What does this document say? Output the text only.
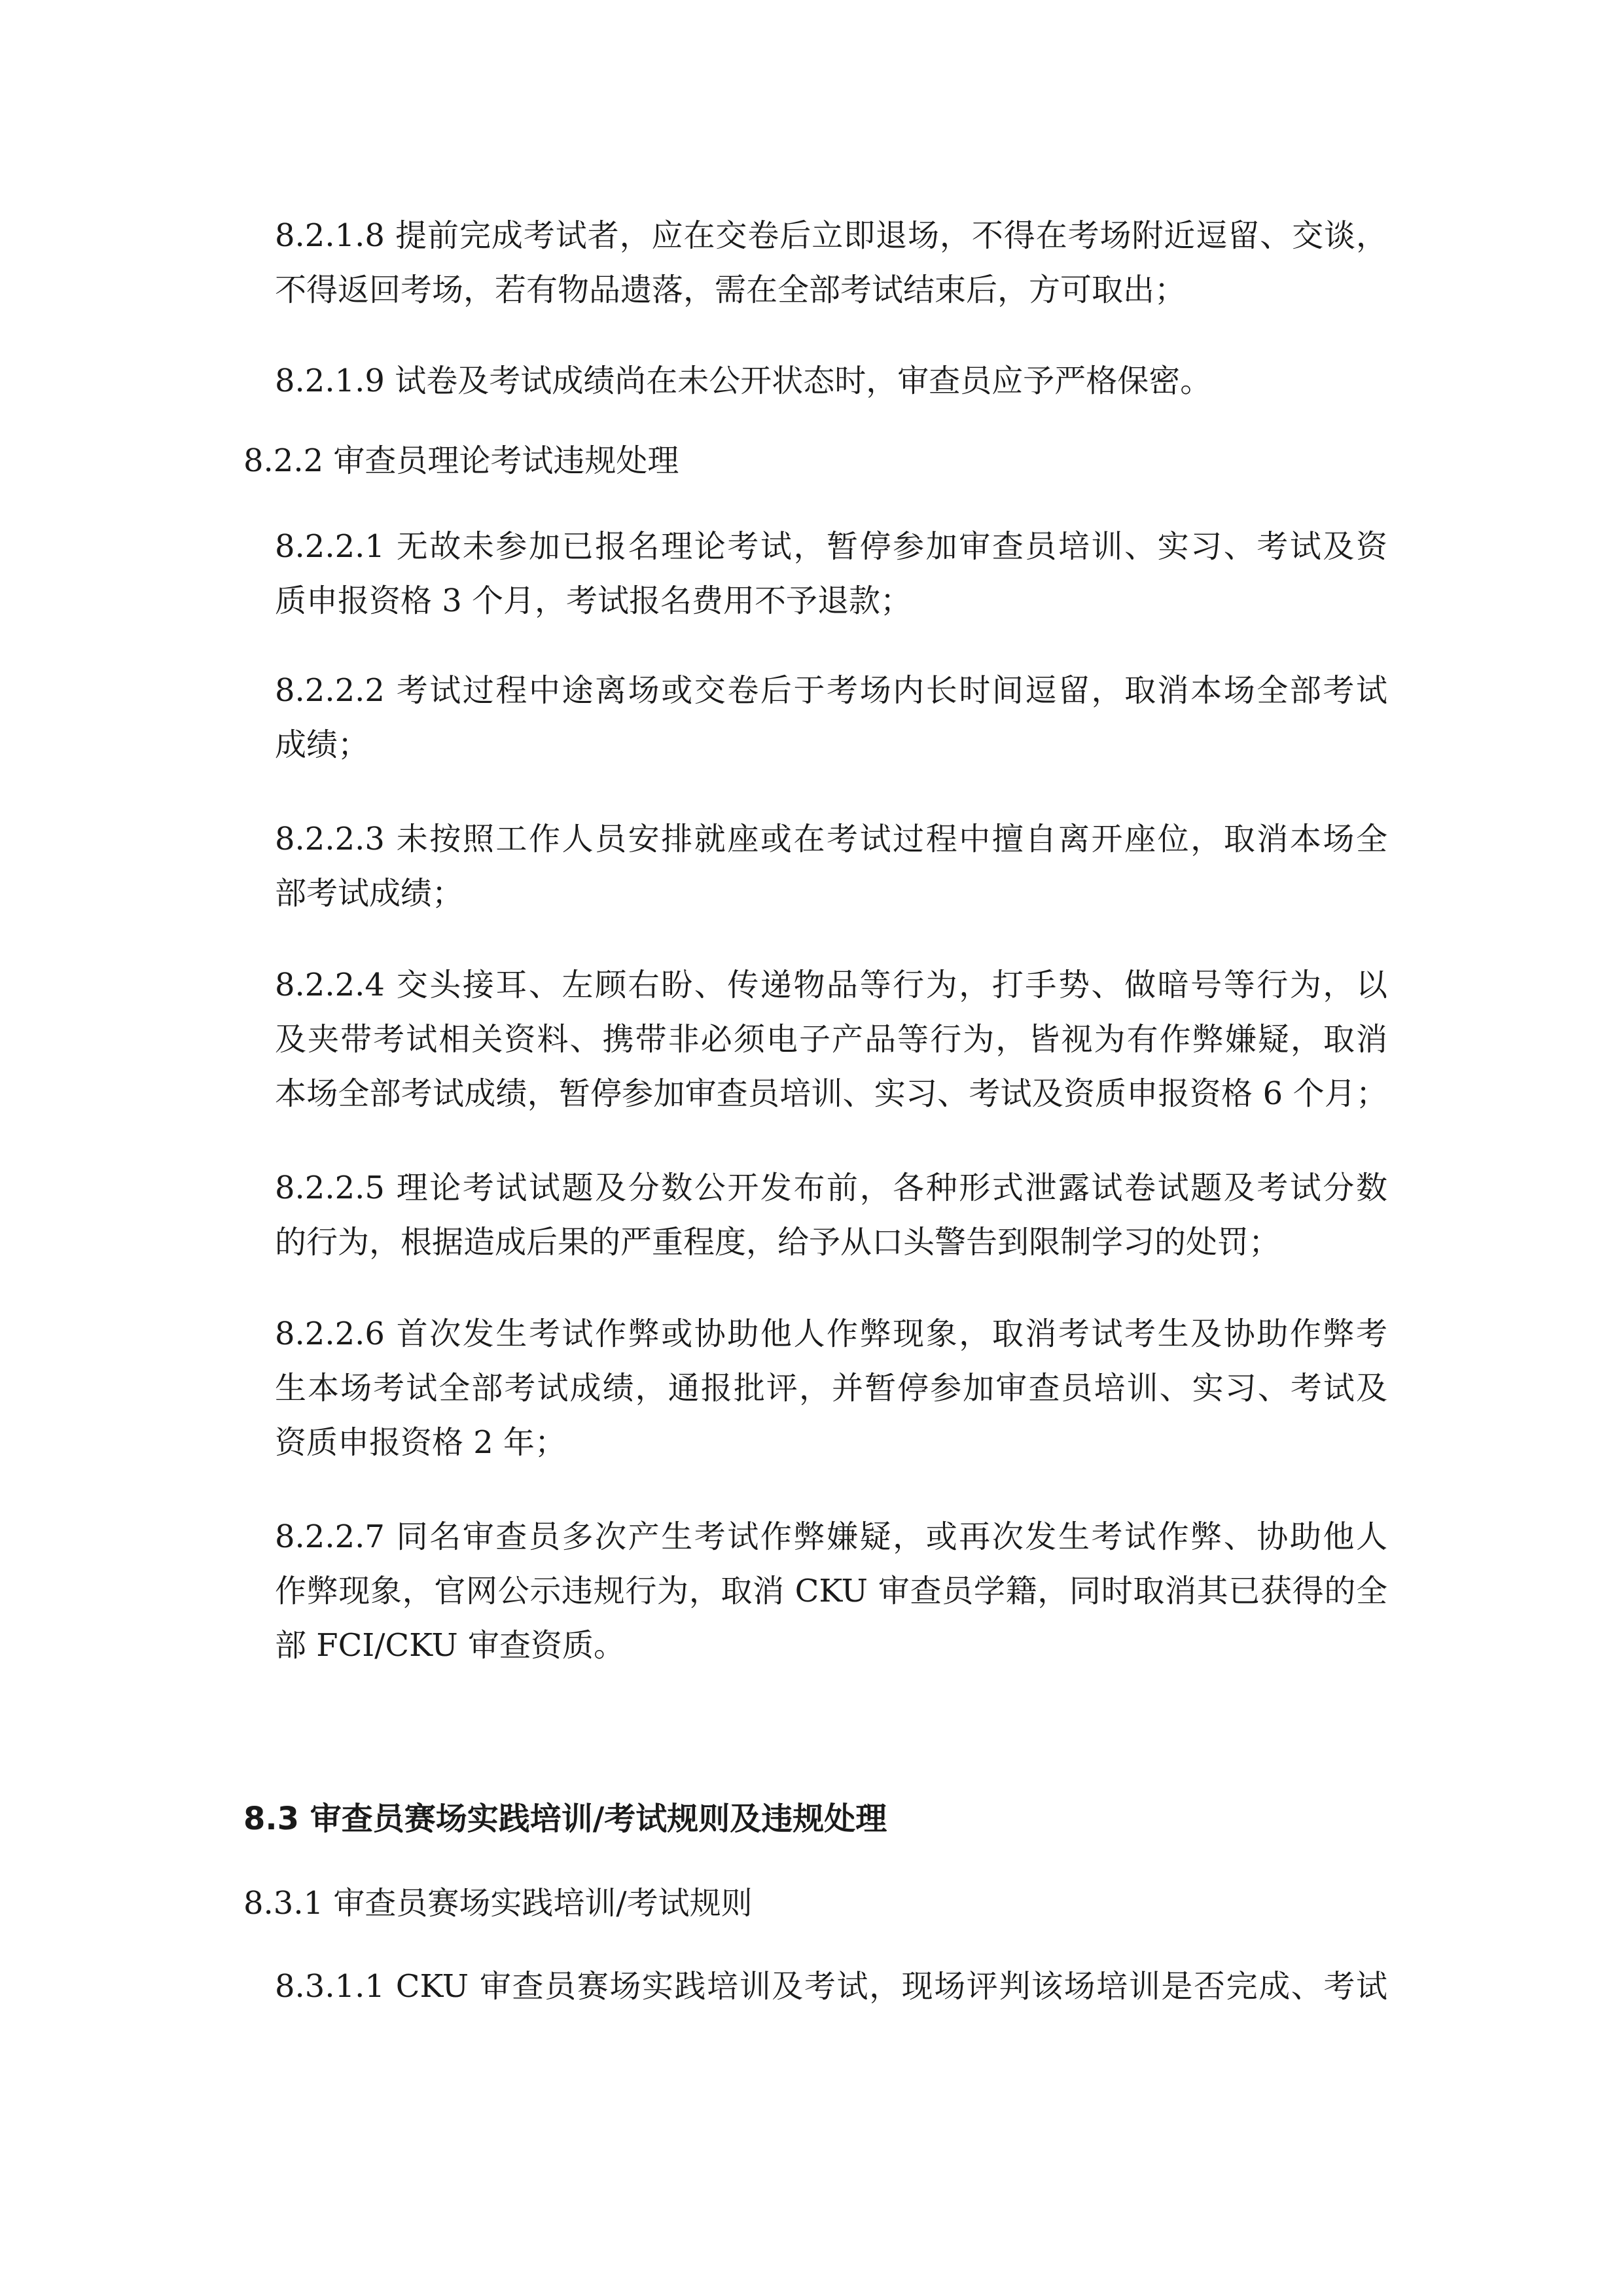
8.2.1.8 提前完成考试者，应在交卷后立即退场，不得在考场附近逗留、交谈，
不得返回考场，若有物品遗落，需在全部考试结束后，方可取出；
8.2.1.9 试卷及考试成绩尚在未公开状态时，审查员应予严格保密。
8.2.2 审查员理论考试违规处理
8.2.2.1 无故未参加已报名理论考试，暂停参加审查员培训、实习、考试及资
质申报资格 3 个月，考试报名费用不予退款；
8.2.2.2 考试过程中途离场或交卷后于考场内长时间逗留，取消本场全部考试
成绩；
8.2.2.3 未按照工作人员安排就座或在考试过程中擅自离开座位，取消本场全
部考试成绩；
8.2.2.4 交头接耳、左顾右盼、传递物品等行为，打手势、做暗号等行为，以
及夹带考试相关资料、携带非必须电子产品等行为，皆视为有作弊嫌疑，取消
本场全部考试成绩，暂停参加审查员培训、实习、考试及资质申报资格 6 个月；
8.2.2.5 理论考试试题及分数公开发布前，各种形式泄露试卷试题及考试分数
的行为，根据造成后果的严重程度，给予从口头警告到限制学习的处罚；
8.2.2.6 首次发生考试作弊或协助他人作弊现象，取消考试考生及协助作弊考
生本场考试全部考试成绩，通报批评，并暂停参加审查员培训、实习、考试及
资质申报资格 2 年；
8.2.2.7 同名审查员多次产生考试作弊嫌疑，或再次发生考试作弊、协助他人
作弊现象，官网公示违规行为，取消 CKU 审查员学籍，同时取消其已获得的全
部 FCI/CKU 审查资质。
8.3 审查员赛场实践培训/考试规则及违规处理
8.3.1 审查员赛场实践培训/考试规则
8.3.1.1 CKU 审查员赛场实践培训及考试，现场评判该场培训是否完成、考试
